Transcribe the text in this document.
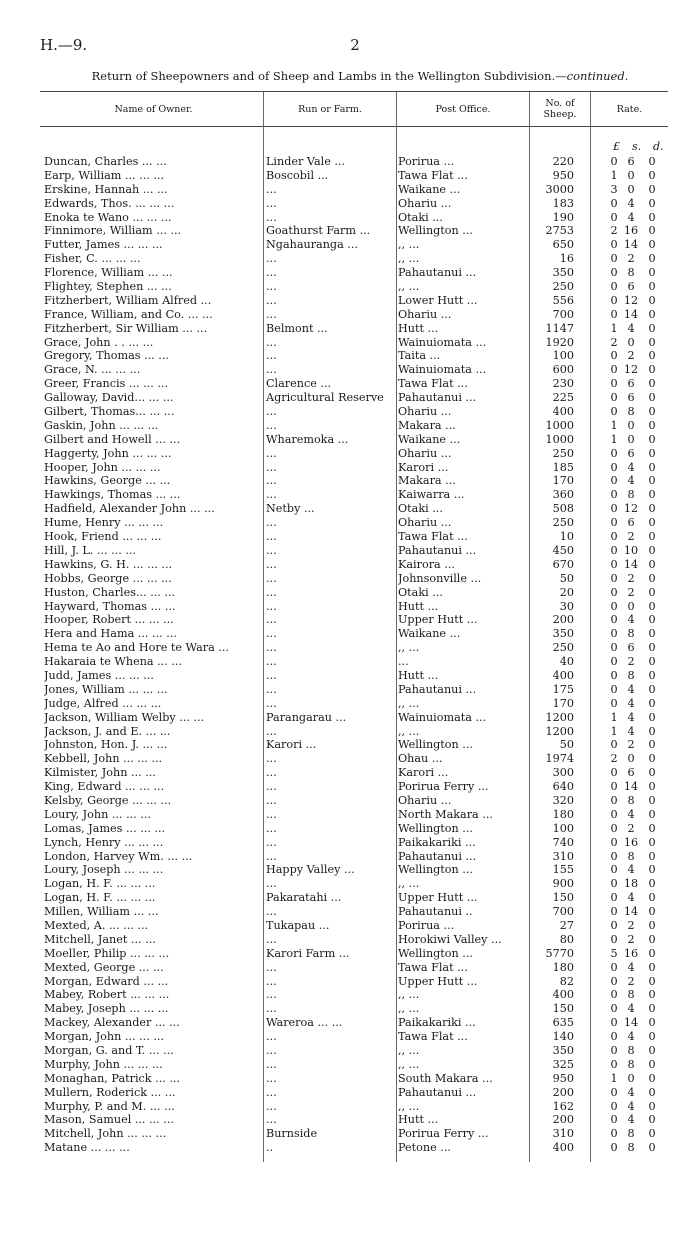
H.—9.	2
Return of Sheepowners and of Sheep and Lambs in the Wellington Subdivision.—continued.
Name of Owner.	Run or Farm.	Post Office.	No. of Sheep.	Rate.
£ s. d.
Duncan, Charles ... ...	Linder Vale ...	Porirua ...	220	0 6	0
Earp, William ... ... ...	Boscobil ...	Tawa Flat ...	950	1 0	0
Erskine, Hannah ... ...	...	Waikane ...	3000	3 0	0
Edwards, Thos. ... ... ...	...	Ohariu ...	183	0 4	0
Enoka te Wano ... ... ...	...	Otaki ...	190	0 4	0
Finnimore, William ... ...	Goathurst Farm ...	Wellington ...	2753	2 16 0
Futter, James ... ... ...	Ngahauranga ...	,, ...	650	0 14 0
Fisher, C. ... ... ...	...	,, ...	16	0 2	0
Florence, William ... ...	...	Pahautanui ...	350	0 8	0
Flightey, Stephen ... ...	...	,, ...	250	0 6	0
Fitzherbert, William Alfred ...	...	Lower Hutt ...	556	0 12 0
France, William, and Co. ... ...	...	Ohariu ...	700	0 14 0
Fitzherbert, Sir William ... ...	Belmont ...	Hutt ...	1147	1 4	0
Grace, John . . ... ...	...	Wainuiomata ...	1920	2 0	0
Gregory, Thomas ... ...	...	Taita ...	100	0 2	0
Grace, N. ... ... ...	...	Wainuiomata ...	600	0 12 0
Greer, Francis ... ... ...	Clarence ...	Tawa Flat ...	230	0 6	0
Galloway, David... ... ...	Agricultural Reserve	Pahautanui ...	225	0 6	0
Gilbert, Thomas... ... ...	...	Ohariu ...	400	0 8	0
Gaskin, John ... ... ...	...	Makara ...	1000	1 0	0
Gilbert and Howell ... ...	Wharemoka ...	Waikane ...	1000	1 0	0
Haggerty, John ... ... ...	...	Ohariu ...	250	0 6	0
Hooper, John ... ... ...	...	Karori ...	185	0 4	0
Hawkins, George ... ...	...	Makara ...	170	0 4	0
Hawkings, Thomas ... ...	...	Kaiwarra ...	360	0 8	0
Hadfield, Alexander John ... ...	Netby ...	Otaki ...	508	0 12 0
Hume, Henry ... ... ...	...	Ohariu ...	250	0 6	0
Hook, Friend ... ... ...	...	Tawa Flat ...	10	0 2	0
Hill, J. L. ... ... ...	...	Pahautanui ...	450	0 10 0
Hawkins, G. H. ... ... ...	...	Kairora ...	670	0 14 0
Hobbs, George ... ... ...	...	Johnsonville ...	50	0 2	0
Huston, Charles... ... ...	...	Otaki ...	20	0 2	0
Hayward, Thomas ... ...	...	Hutt ...	30	0 0	0
Hooper, Robert ... ... ...	...	Upper Hutt ...	200	0 4	0
Hera and Hama ... ... ...	...	Waikane ...	350	0 8	0
Hema te Ao and Hore te Wara ...	...	,, ...	250	0 6	0
Hakaraia te Whena ... ...	...	...	40	0 2	0
Judd, James ... ... ...	...	Hutt ...	400	0 8	0
Jones, William ... ... ...	...	Pahautanui ...	175	0 4	0
Judge, Alfred ... ... ...	...	,, ...	170	0 4	0
Jackson, William Welby ... ...	Parangarau ...	Wainuiomata ...	1200	1 4	0
Jackson, J. and E. ... ...	...	,, ...	1200	1 4	0
Johnston, Hon. J. ... ...	Karori ...	Wellington ...	50	0 2	0
Kebbell, John ... ... ...	...	Ohau ...	1974	2 0	0
Kilmister, John ... ...	...	Karori ...	300	0 6	0
King, Edward ... ... ...	...	Porirua Ferry ...	640	0 14 0
Kelsby, George ... ... ...	...	Ohariu ...	320	0 8	0
Loury, John ... ... ...	...	North Makara ...	180	0 4	0
Lomas, James ... ... ...	...	Wellington ...	100	0 2	0
Lynch, Henry ... ... ...	...	Paikakariki ...	740	0 16 0
London, Harvey Wm. ... ...	...	Pahautanui ...	310	0 8	0
Loury, Joseph ... ... ...	Happy Valley ...	Wellington ...	155	0 4	0
Logan, H. F. ... ... ...	...	,, ...	900	0 18 0
Logan, H. F. ... ... ...	Pakaratahi ...	Upper Hutt ...	150	0 4	0
Millen, William ... ...	...	Pahautanui ..	700	0 14 0
Mexted, A. ... ... ...	Tukapau ...	Porirua ...	27	0 2	0
Mitchell, Janet ... ...	...	Horokiwi Valley ...	80	0 2	0
Moeller, Philip ... ... ...	Karori Farm ...	Wellington ...	5770	5 16 0
Mexted, George ... ...	...	Tawa Flat ...	180	0 4	0
Morgan, Edward ... ...	...	Upper Hutt ...	82	0 2	0
Mabey, Robert ... ... ...	...	,, ...	400	0 8	0
Mabey, Joseph ... ... ...	...	,, ...	150	0 4	0
Mackey, Alexander ... ...	Wareroa ... ...	Paikakariki ...	635	0 14 0
Morgan, John ... ... ...	...	Tawa Flat ...	140	0 4	0
Morgan, G. and T. ... ...	...	,, ...	350	0 8	0
Murphy, John ... ... ...	...	,, ...	325	0 8	0
Monaghan, Patrick ... ...	...	South Makara ...	950	1 0	0
Mullern, Roderick ... ...	...	Pahautanui ...	200	0 4	0
Murphy, P. and M. ... ...	...	,, ...	162	0 4	0
Mason, Samuel ... ... ...	...	Hutt ...	200	0 4	0
Mitchell, John ... ... ...	Burnside	Porirua Ferry ...	310	0 8	0
Matane ... ... ...	..	Petone ...	400	0 8	0
